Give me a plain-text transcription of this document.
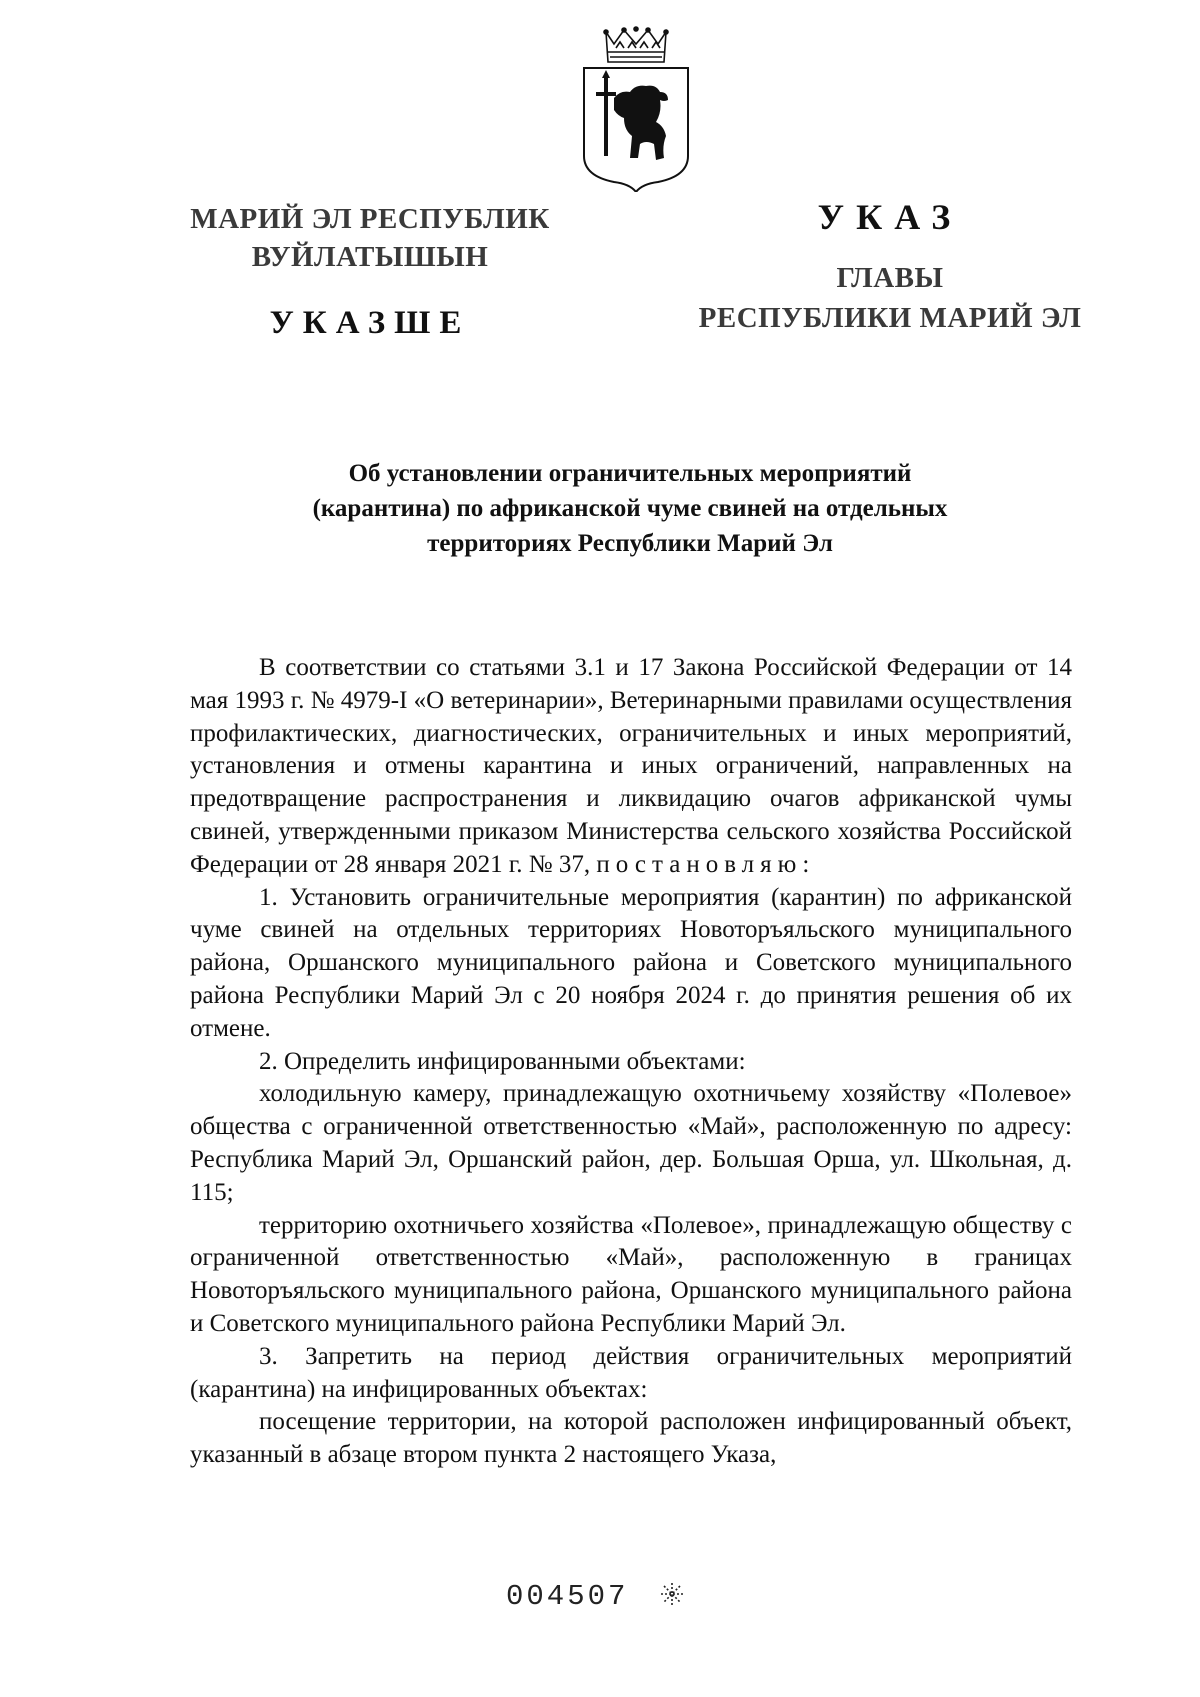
МАРИЙ ЭЛ РЕСПУБЛИК
ВУЙЛАТЫШЫН
УКАЗШЕ
УКАЗ
ГЛАВЫ
РЕСПУБЛИКИ МАРИЙ ЭЛ
Об установлении ограничительных мероприятий
(карантина) по африканской чуме свиней на отдельных
территориях Республики Марий Эл

В соответствии со статьями 3.1 и 17 Закона Российской Федерации от 14 мая 1993 г. № 4979-I «О ветеринарии», Ветеринарными правилами осуществления профилактических, диагностических, ограничительных и иных мероприятий, установления и отмены карантина и иных ограничений, направленных на предотвращение распространения и ликвидацию очагов африканской чумы свиней, утвержденными приказом Министерства сельского хозяйства Российской Федерации от 28 января 2021 г. № 37, постановляю:

1. Установить ограничительные мероприятия (карантин) по африканской чуме свиней на отдельных территориях Новоторъяльского муниципального района, Оршанского муниципального района и Советского муниципального района Республики Марий Эл с 20 ноября 2024 г. до принятия решения об их отмене.

2. Определить инфицированными объектами:

холодильную камеру, принадлежащую охотничьему хозяйству «Полевое» общества с ограниченной ответственностью «Май», расположенную по адресу: Республика Марий Эл, Оршанский район, дер. Большая Орша, ул. Школьная, д. 115;

территорию охотничьего хозяйства «Полевое», принадлежащую обществу с ограниченной ответственностью «Май», расположенную в границах Новоторъяльского муниципального района, Оршанского муниципального района и Советского муниципального района Республики Марий Эл.

3. Запретить на период действия ограничительных мероприятий (карантина) на инфицированных объектах:

посещение территории, на которой расположен инфицированный объект, указанный в абзаце втором пункта 2 настоящего Указа,

004507
